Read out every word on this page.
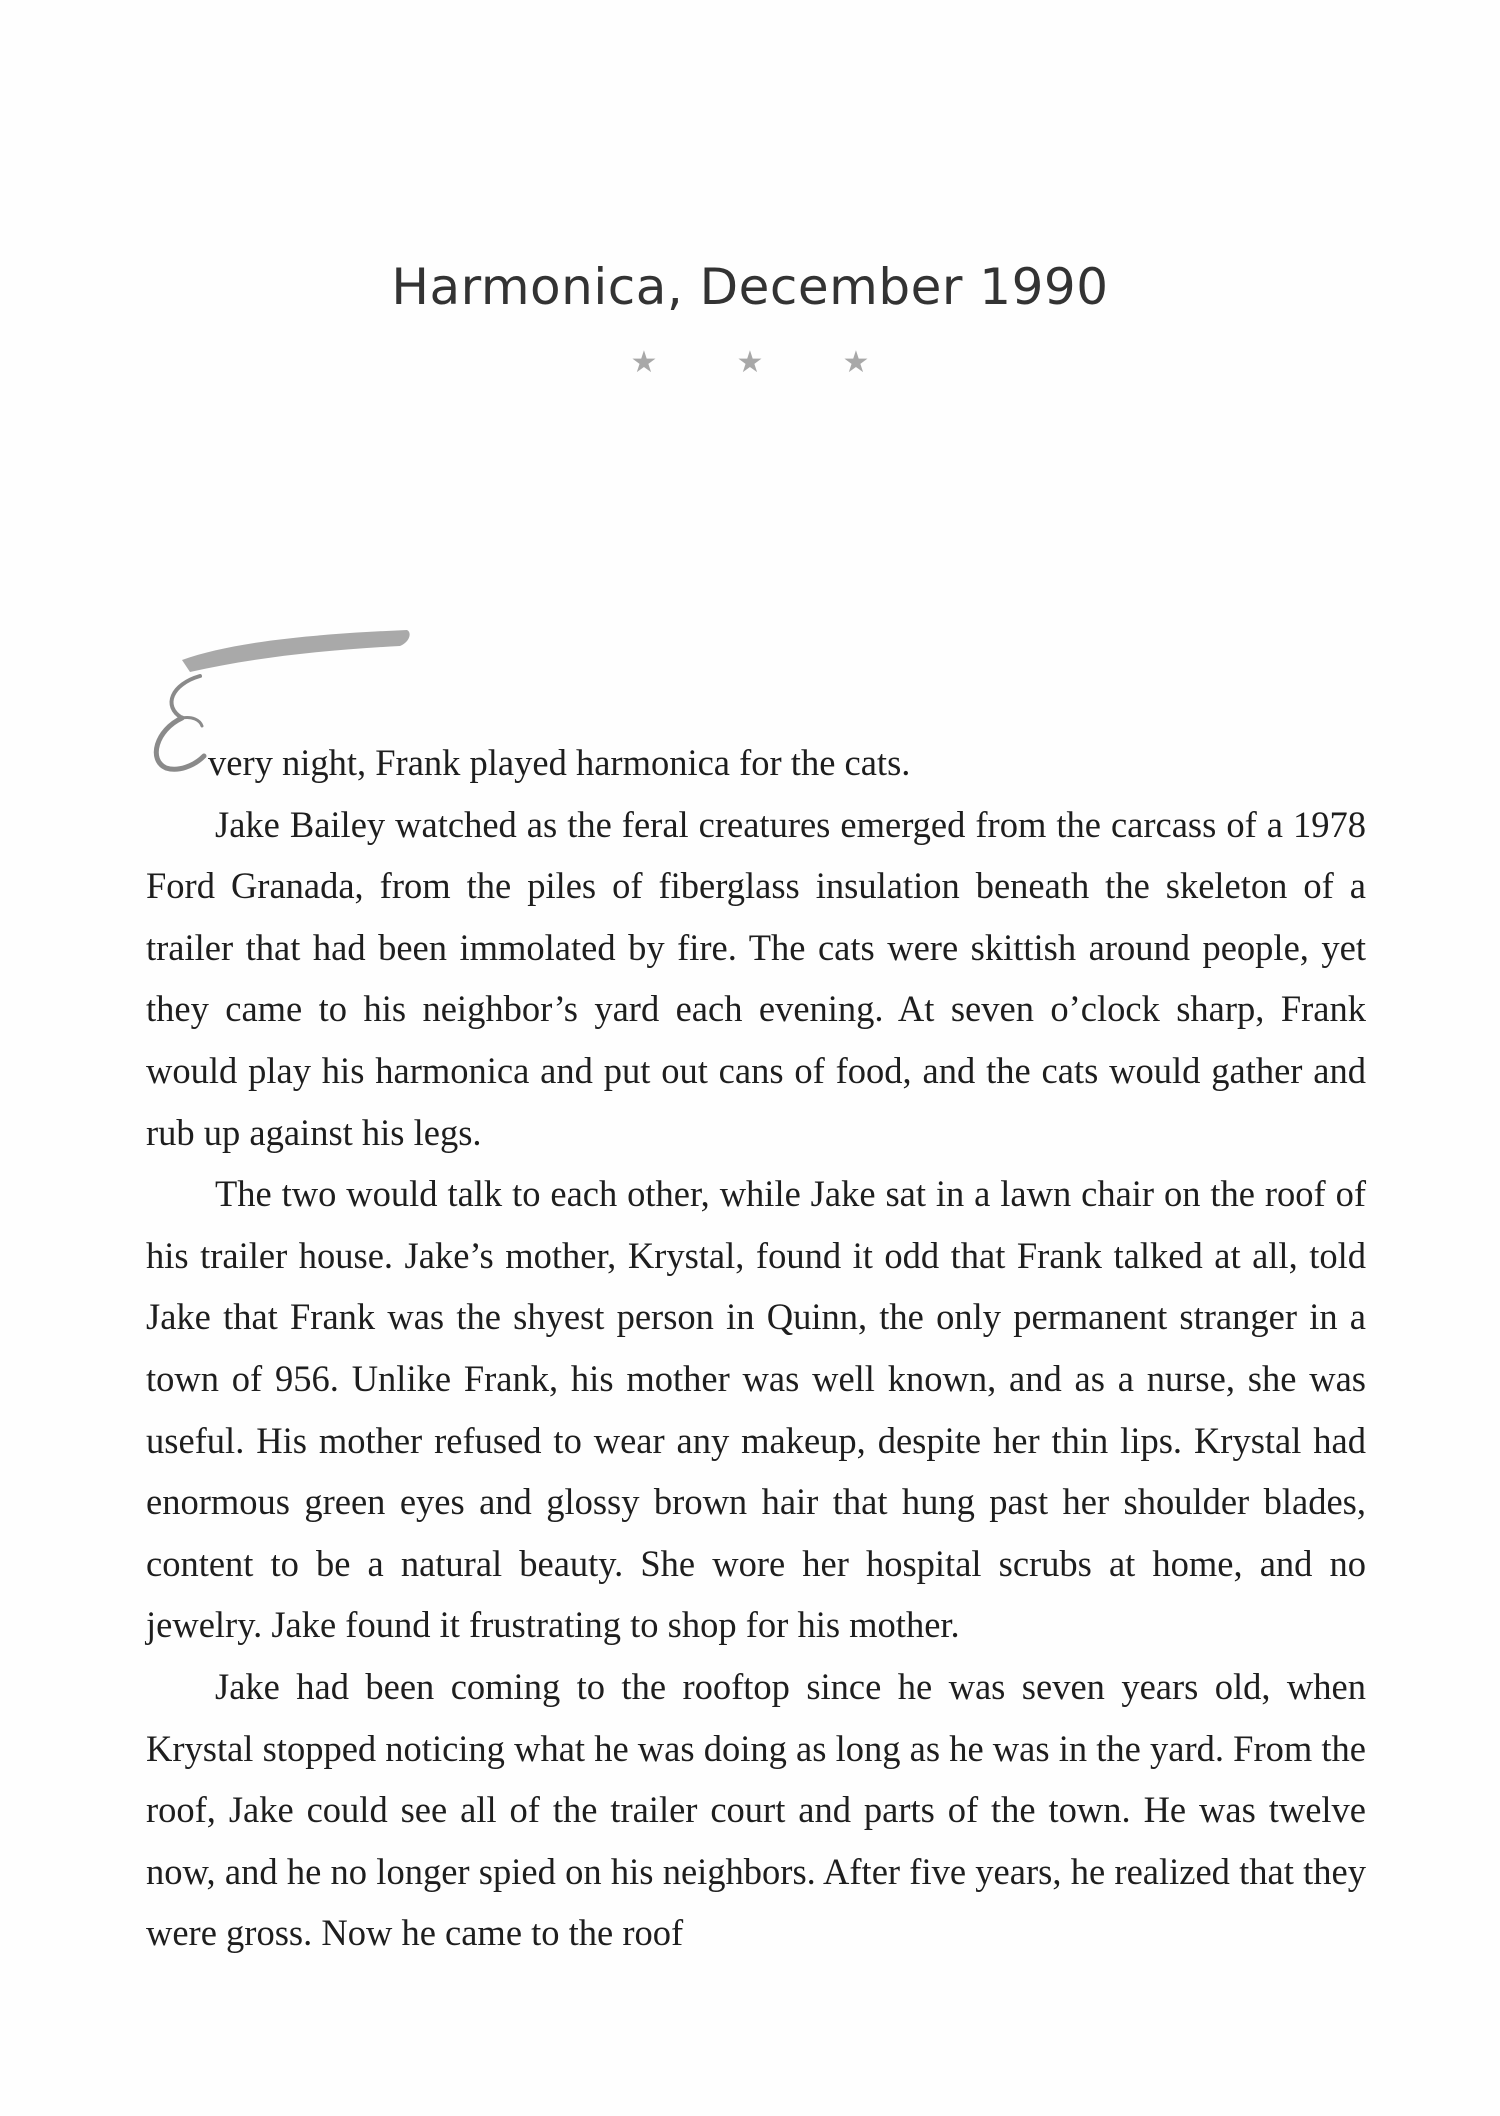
Harmonica, December 1990
★	★	★

very night, Frank played harmonica for the cats.

Jake Bailey watched as the feral creatures emerged from the carcass of a 1978 Ford Granada, from the piles of fiberglass insulation beneath the skeleton of a trailer that had been immolated by fire. The cats were skittish around people, yet they came to his neighbor’s yard each evening. At seven o’clock sharp, Frank would play his harmonica and put out cans of food, and the cats would gather and rub up against his legs.

The two would talk to each other, while Jake sat in a lawn chair on the roof of his trailer house. Jake’s mother, Krystal, found it odd that Frank talked at all, told Jake that Frank was the shyest person in Quinn, the only permanent stranger in a town of 956. Unlike Frank, his mother was well known, and as a nurse, she was useful. His mother refused to wear any makeup, despite her thin lips. Krystal had enormous green eyes and glossy brown hair that hung past her shoulder blades, content to be a natural beauty. She wore her hospital scrubs at home, and no jewelry. Jake found it frustrating to shop for his mother.

Jake had been coming to the rooftop since he was seven years old, when Krystal stopped noticing what he was doing as long as he was in the yard. From the roof, Jake could see all of the trailer court and parts of the town. He was twelve now, and he no longer spied on his neighbors. After five years, he realized that they were gross. Now he came to the roof
